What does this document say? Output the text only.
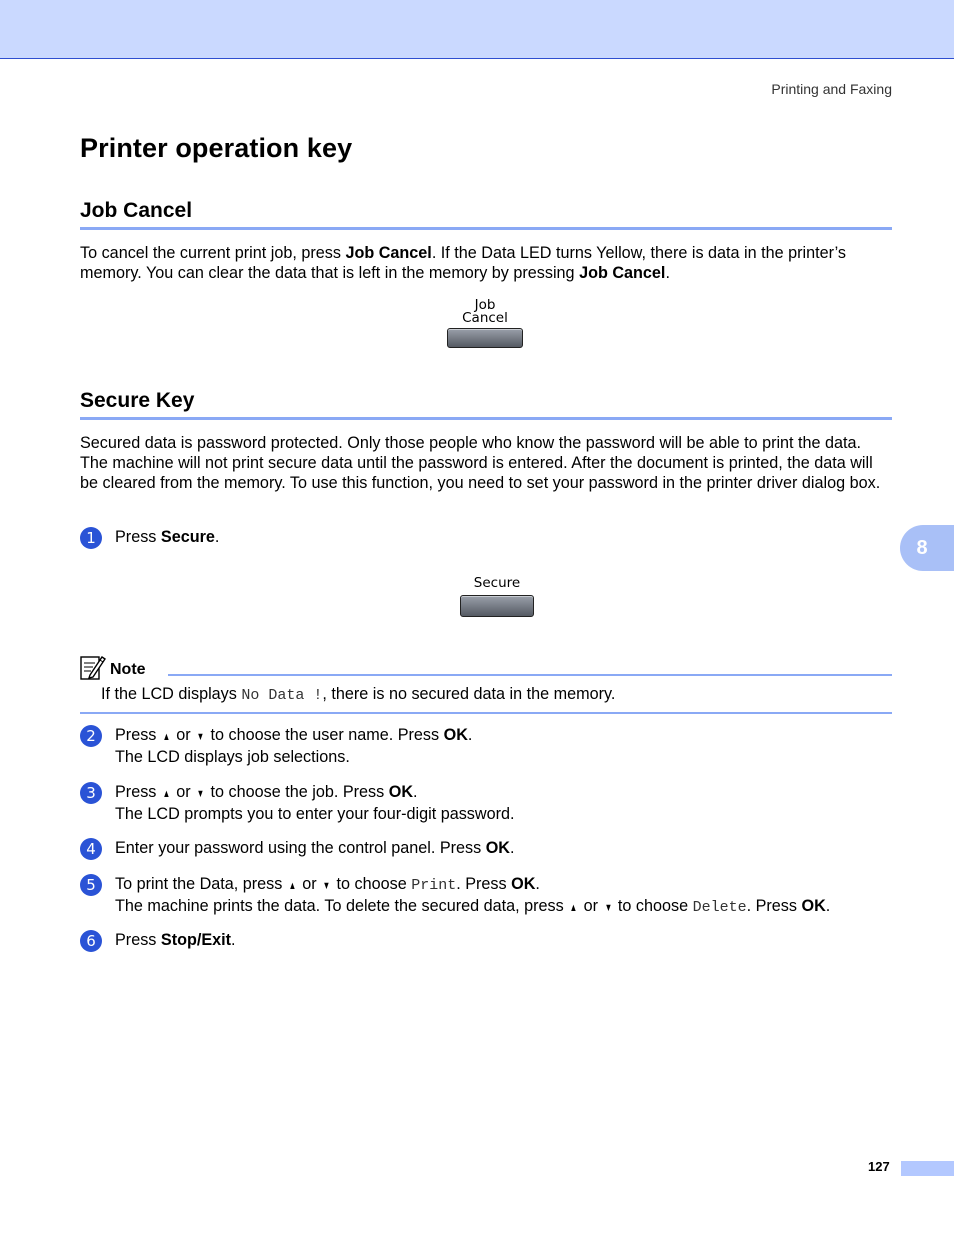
Printing and Faxing
Printer operation key
Job Cancel

To cancel the current print job, press Job Cancel. If the Data LED turns Yellow, there is data in the printer’s memory. You can clear the data that is left in the memory by pressing Job Cancel.

Job
Cancel
Secure Key

Secured data is password protected. Only those people who know the password will be able to print the data. The machine will not print secure data until the password is entered. After the document is printed, the data will be cleared from the memory. To use this function, you need to set your password in the printer driver dialog box.

1	Press Secure.
Secure
Note
If the LCD displays No Data !, there is no secured data in the memory.
2	Press ▲ or ▼ to choose the user name. Press OK.
The LCD displays job selections.
3	Press ▲ or ▼ to choose the job. Press OK.
The LCD prompts you to enter your four-digit password.
4	Enter your password using the control panel. Press OK.
5	To print the Data, press ▲ or ▼ to choose Print. Press OK.
The machine prints the data. To delete the secured data, press ▲ or ▼ to choose Delete. Press OK.
6	Press Stop/Exit.
8
127
